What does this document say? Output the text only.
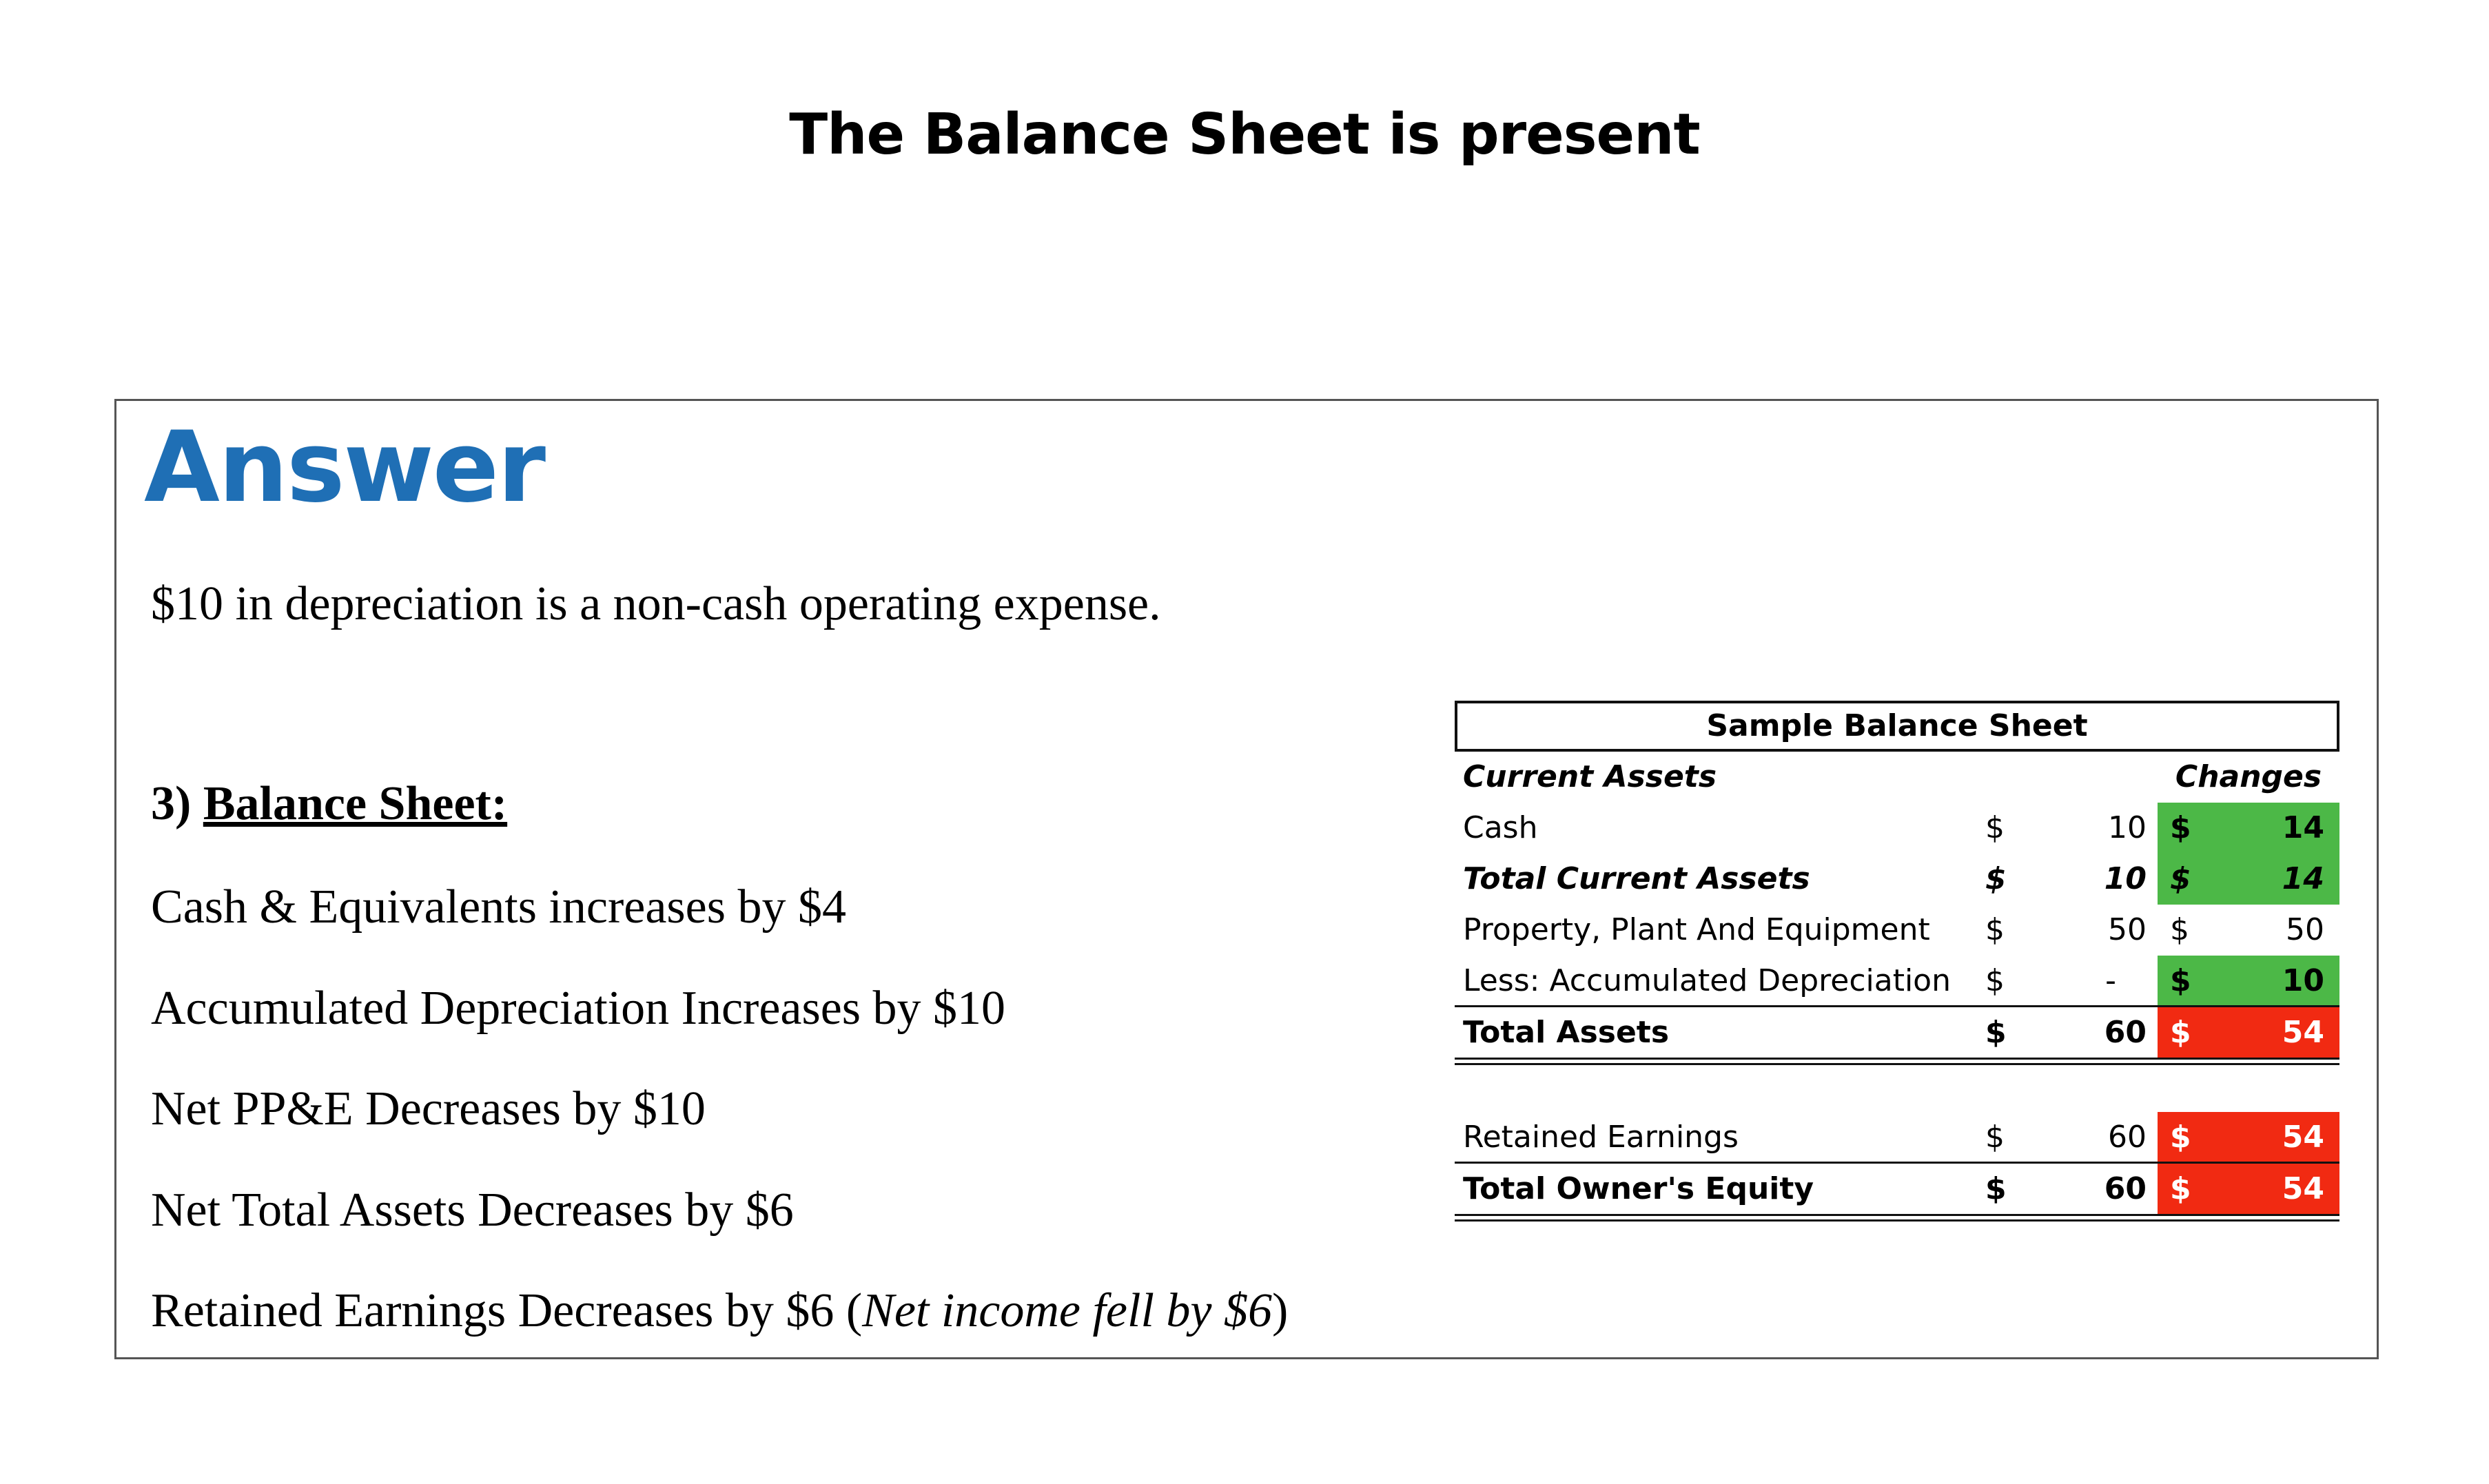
The Balance Sheet is present
Answer
$10 in depreciation is a non-cash operating expense.
3) Balance Sheet:
Cash & Equivalents increases by $4
Accumulated Depreciation Increases by $10
Net PP&E Decreases by $10
Net Total Assets Decreases by $6
Retained Earnings Decreases by $6 (Net income fell by $6)
Sample Balance Sheet
Current Assets	Changes
Cash	$	10 $	14
Total Current Assets	$	10 $	14
Property, Plant And Equipment $	50 $	50
Less: Accumulated Depreciation $	- $	10
Total Assets	$	60 $	54
Retained Earnings	$	60 $	54
Total Owner's Equity	$	60 $	54
